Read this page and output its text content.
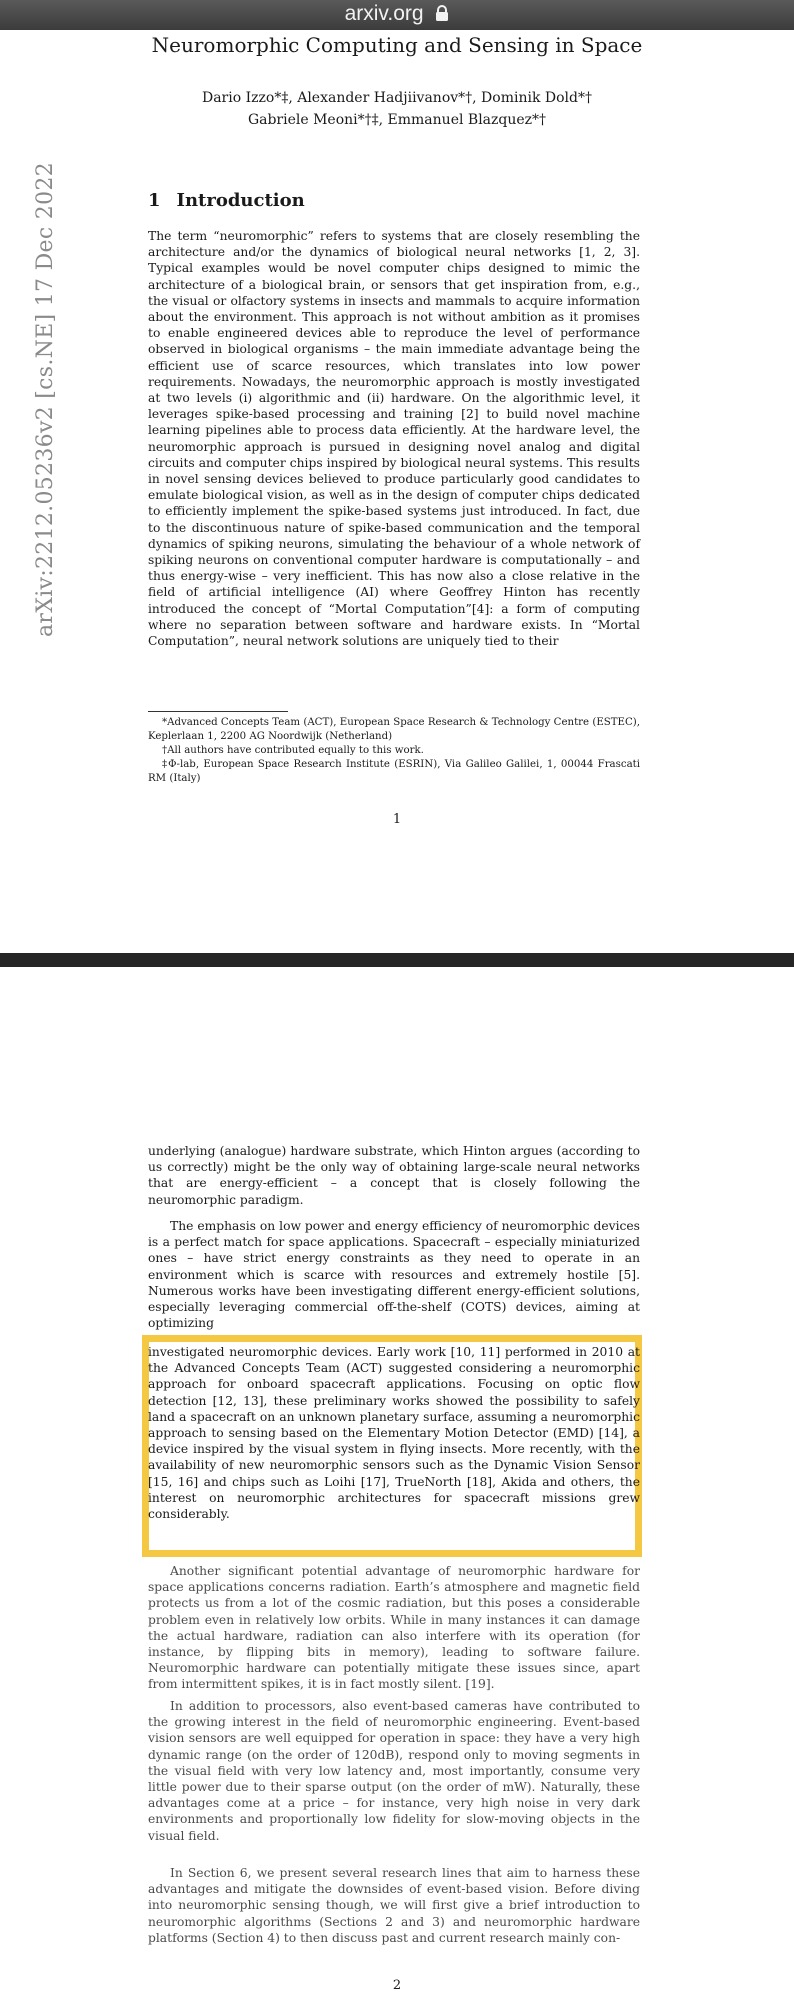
arxiv.org
Neuromorphic Computing and Sensing in Space
Dario Izzo*‡, Alexander Hadjiivanov*†, Dominik Dold*†
Gabriele Meoni*†‡, Emmanuel Blazquez*†
arXiv:2212.05236v2 [cs.NE] 17 Dec 2022	1 Introduction

The term “neuromorphic” refers to systems that are closely resembling the architecture and/or the dynamics of biological neural networks [1, 2, 3]. Typical examples would be novel computer chips designed to mimic the architecture of a biological brain, or sensors that get inspiration from, e.g., the visual or olfactory systems in insects and mammals to acquire information about the environment. This approach is not without ambition as it promises to enable engineered devices able to reproduce the level of performance observed in biological organisms – the main immediate advantage being the efficient use of scarce resources, which translates into low power requirements. Nowadays, the neuromorphic approach is mostly investigated at two levels (i) algorithmic and (ii) hardware. On the algorithmic level, it leverages spike-based processing and training [2] to build novel machine learning pipelines able to process data efficiently. At the hardware level, the neuromorphic approach is pursued in designing novel analog and digital circuits and computer chips inspired by biological neural systems. This results in novel sensing devices believed to produce particularly good candidates to emulate biological vision, as well as in the design of computer chips dedicated to efficiently implement the spike-based systems just introduced. In fact, due to the discontinuous nature of spike-based communication and the temporal dynamics of spiking neurons, simulating the behaviour of a whole network of spiking neurons on conventional computer hardware is computationally – and thus energy-wise – very inefficient. This has now also a close relative in the field of artificial intelligence (AI) where Geoffrey Hinton has recently introduced the concept of “Mortal Computation”[4]: a form of computing where no separation between software and hardware exists. In “Mortal Computation”, neural network solutions are uniquely tied to their

*Advanced Concepts Team (ACT), European Space Research & Technology Centre (ESTEC), Keplerlaan 1, 2200 AG Noordwijk (Netherland)

†All authors have contributed equally to this work.

‡Φ-lab, European Space Research Institute (ESRIN), Via Galileo Galilei, 1, 00044 Frascati RM (Italy)

1

underlying (analogue) hardware substrate, which Hinton argues (according to us correctly) might be the only way of obtaining large-scale neural networks that are energy-efficient – a concept that is closely following the neuromorphic paradigm.

The emphasis on low power and energy efficiency of neuromorphic devices is a perfect match for space applications. Spacecraft – especially miniaturized ones – have strict energy constraints as they need to operate in an environment which is scarce with resources and extremely hostile [5]. Numerous works have been investigating different energy-efficient solutions, especially leveraging commercial off-the-shelf (COTS) devices, aiming at optimizing

investigated neuromorphic devices. Early work [10, 11] performed in 2010 at the Advanced Concepts Team (ACT) suggested considering a neuromorphic approach for onboard spacecraft applications. Focusing on optic flow detection [12, 13], these preliminary works showed the possibility to safely land a spacecraft on an unknown planetary surface, assuming a neuromorphic approach to sensing based on the Elementary Motion Detector (EMD) [14], a device inspired by the visual system in flying insects. More recently, with the availability of new neuromorphic sensors such as the Dynamic Vision Sensor [15, 16] and chips such as Loihi [17], TrueNorth [18], Akida and others, the interest on neuromorphic architectures for spacecraft missions grew considerably.

Another significant potential advantage of neuromorphic hardware for space applications concerns radiation. Earth’s atmosphere and magnetic field protects us from a lot of the cosmic radiation, but this poses a considerable problem even in relatively low orbits. While in many instances it can damage the actual hardware, radiation can also interfere with its operation (for instance, by flipping bits in memory), leading to software failure. Neuromorphic hardware can potentially mitigate these issues since, apart from intermittent spikes, it is in fact mostly silent. [19].

In addition to processors, also event-based cameras have contributed to the growing interest in the field of neuromorphic engineering. Event-based vision sensors are well equipped for operation in space: they have a very high dynamic range (on the order of 120dB), respond only to moving segments in the visual field with very low latency and, most importantly, consume very little power due to their sparse output (on the order of mW). Naturally, these advantages come at a price – for instance, very high noise in very dark environments and proportionally low fidelity for slow-moving objects in the visual field.

In Section 6, we present several research lines that aim to harness these advantages and mitigate the downsides of event-based vision. Before diving into neuromorphic sensing though, we will first give a brief introduction to neuromorphic algorithms (Sections 2 and 3) and neuromorphic hardware platforms (Section 4) to then discuss past and current research mainly con-

2
